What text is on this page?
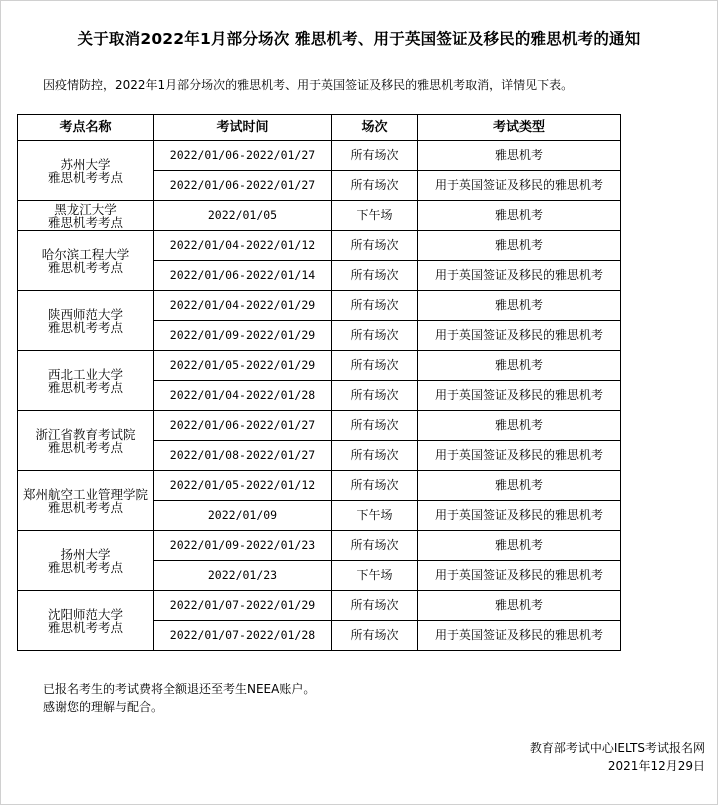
关于取消2022年1月部分场次 雅思机考、用于英国签证及移民的雅思机考的通知
因疫情防控，2022年1月部分场次的雅思机考、用于英国签证及移民的雅思机考取消，详情见下表。
考点名称	考试时间	场次	考试类型
苏州大学
雅思机考考点	2022/01/06-2022/01/27	所有场次	雅思机考
	2022/01/06-2022/01/27	所有场次	用于英国签证及移民的雅思机考
黑龙江大学
雅思机考考点	2022/01/05	下午场	雅思机考
哈尔滨工程大学
雅思机考考点	2022/01/04-2022/01/12	所有场次	雅思机考
	2022/01/06-2022/01/14	所有场次	用于英国签证及移民的雅思机考
陕西师范大学
雅思机考考点	2022/01/04-2022/01/29	所有场次	雅思机考
	2022/01/09-2022/01/29	所有场次	用于英国签证及移民的雅思机考
西北工业大学
雅思机考考点	2022/01/05-2022/01/29	所有场次	雅思机考
	2022/01/04-2022/01/28	所有场次	用于英国签证及移民的雅思机考
浙江省教育考试院
雅思机考考点	2022/01/06-2022/01/27	所有场次	雅思机考
	2022/01/08-2022/01/27	所有场次	用于英国签证及移民的雅思机考
郑州航空工业管理学院雅思机考考点	2022/01/05-2022/01/12	所有场次	雅思机考
	2022/01/09	下午场	用于英国签证及移民的雅思机考
扬州大学
雅思机考考点	2022/01/09-2022/01/23	所有场次	雅思机考
	2022/01/23	下午场	用于英国签证及移民的雅思机考
沈阳师范大学
雅思机考考点	2022/01/07-2022/01/29	所有场次	雅思机考
	2022/01/07-2022/01/28	所有场次	用于英国签证及移民的雅思机考
已报名考生的考试费将全额退还至考生NEEA账户。
感谢您的理解与配合。
教育部考试中心IELTS考试报名网
2021年12月29日
